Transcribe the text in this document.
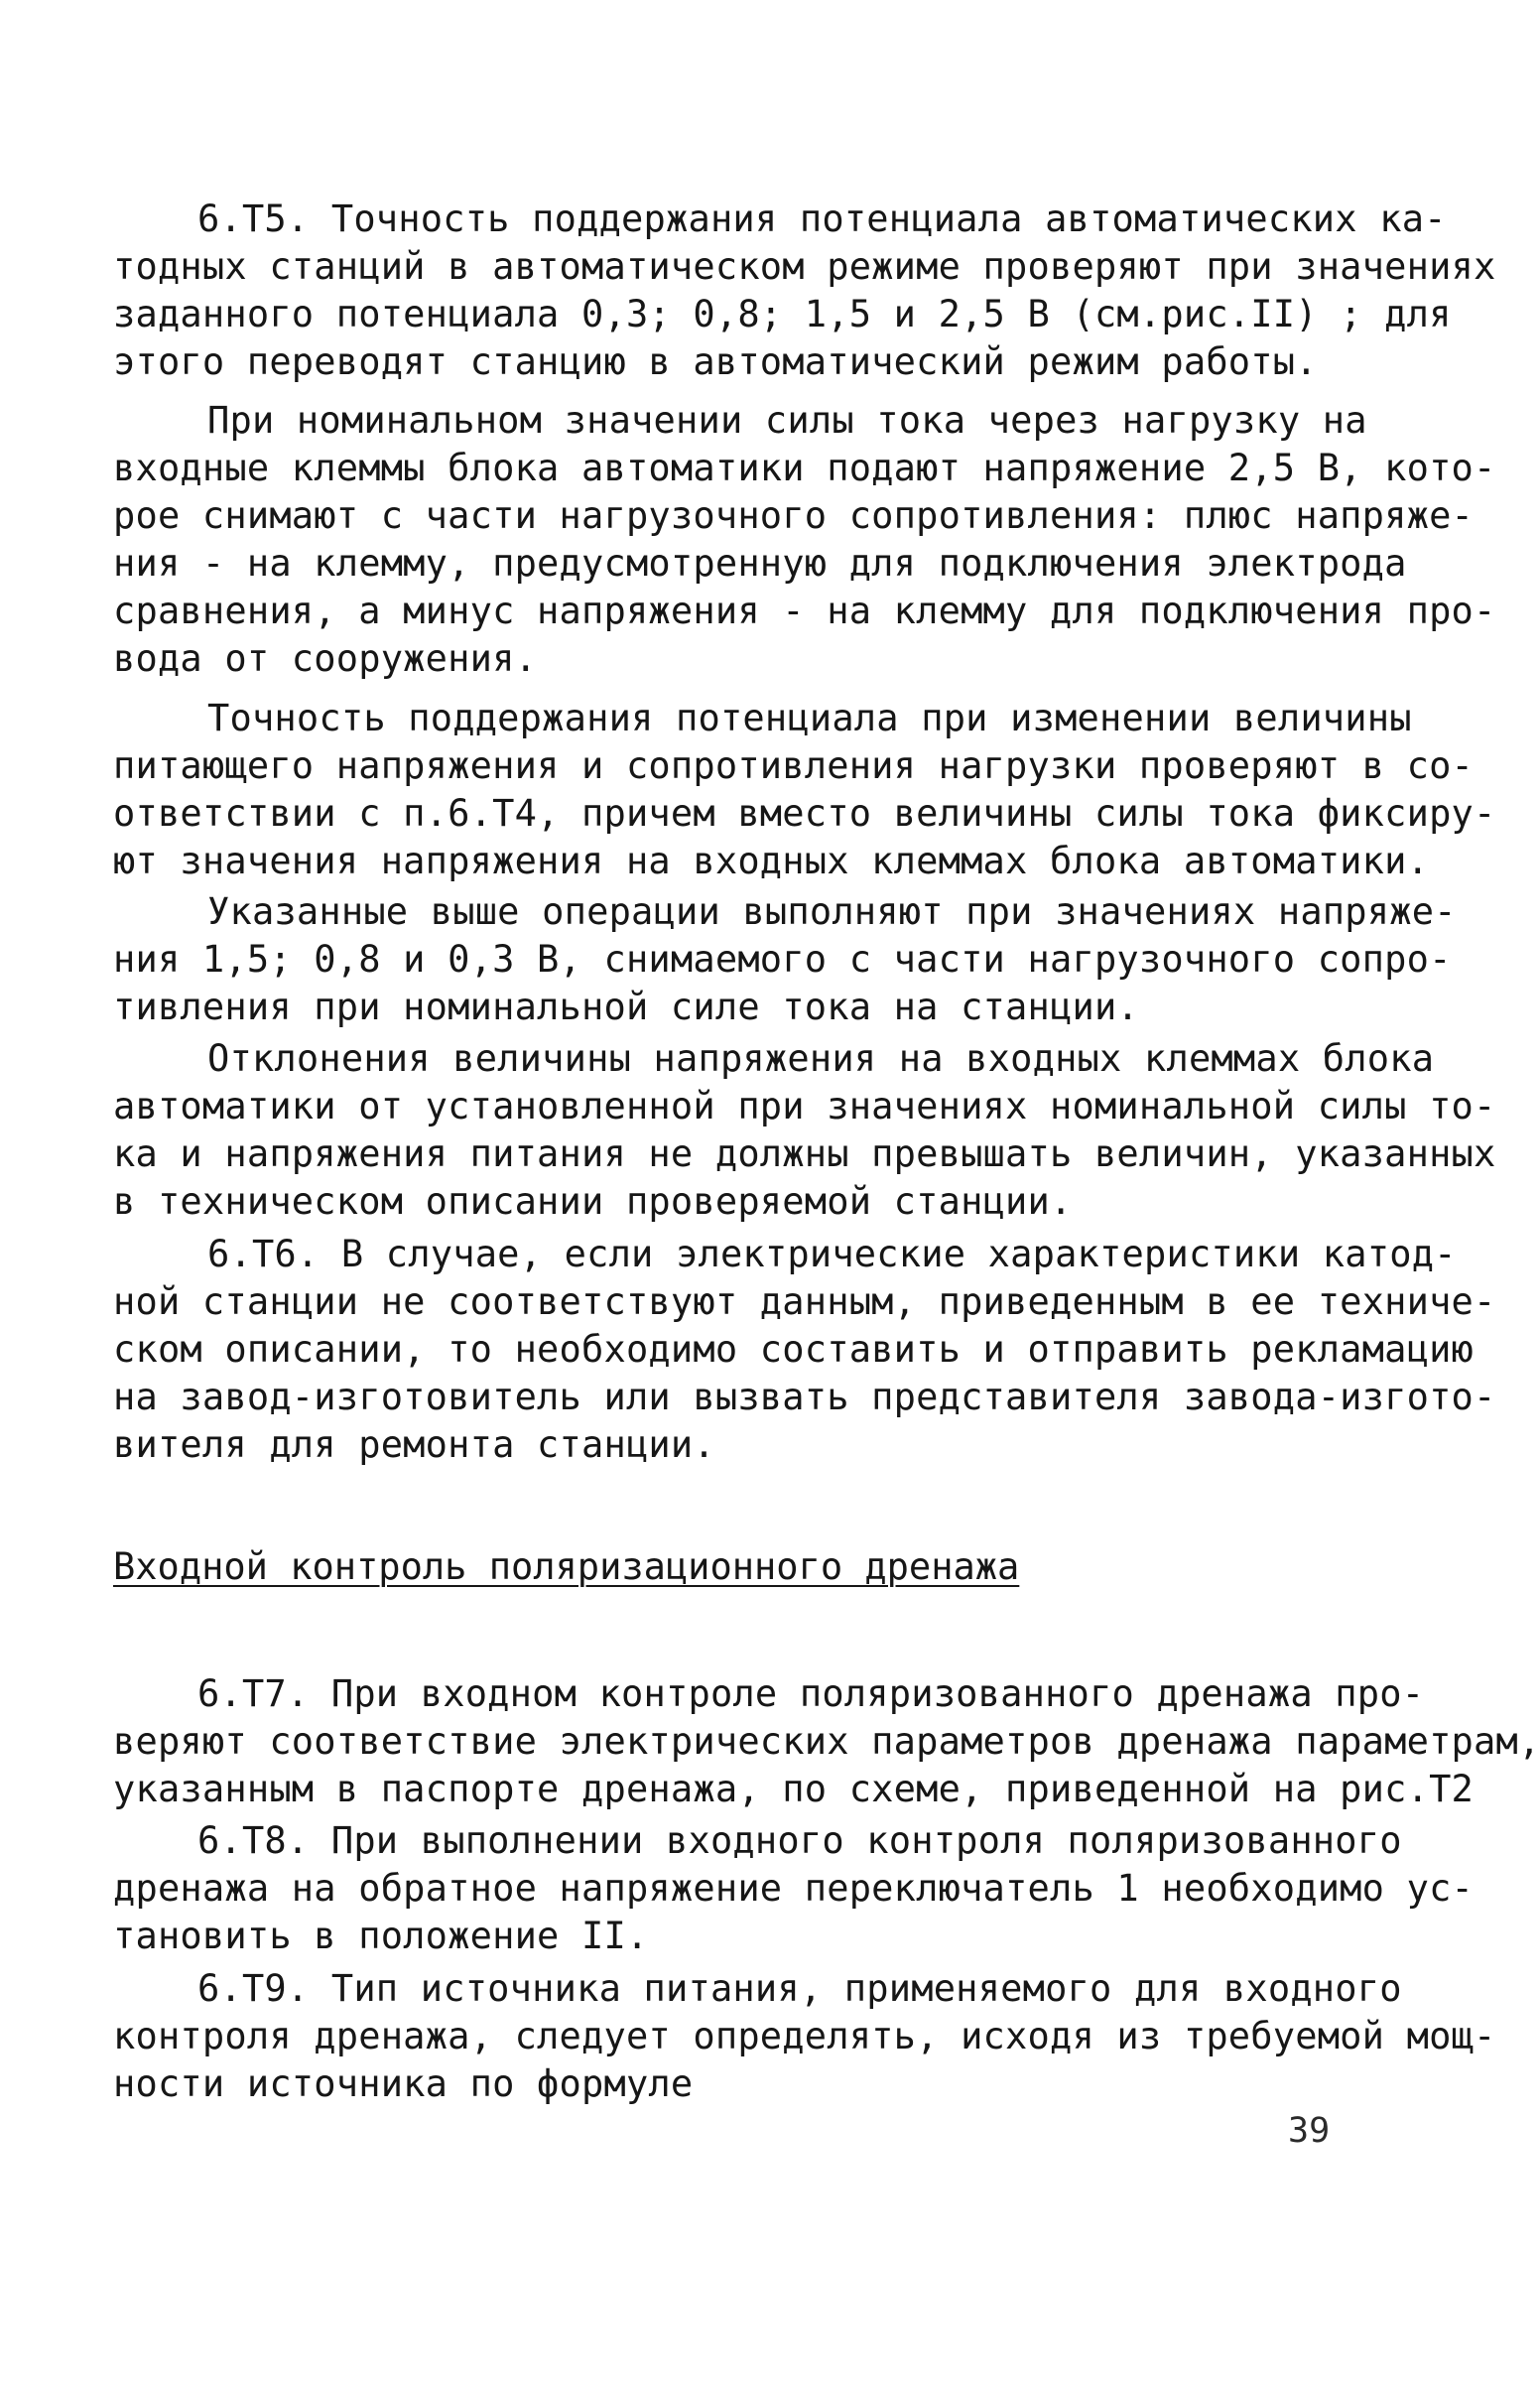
6.Т5. Точность поддержания потенциала автоматических ка-
тодных станций в автоматическом режиме проверяют при значениях
заданного потенциала 0,3; 0,8; 1,5 и 2,5 В (см.рис.II) ; для
этого переводят станцию в автоматический режим работы.
При номинальном значении силы тока через нагрузку на
входные клеммы блока автоматики подают напряжение 2,5 В, кото-
рое снимают с части нагрузочного сопротивления: плюс напряже-
ния - на клемму, предусмотренную для подключения электрода
сравнения, а минус напряжения - на клемму для подключения про-
вода от сооружения.
Точность поддержания потенциала при изменении величины
питающего напряжения и сопротивления нагрузки проверяют в со-
ответствии с п.6.Т4, причем вместо величины силы тока фиксиру-
ют значения напряжения на входных клеммах блока автоматики.
Указанные выше операции выполняют при значениях напряже-
ния 1,5; 0,8 и 0,3 В, снимаемого с части нагрузочного сопро-
тивления при номинальной силе тока на станции.
Отклонения величины напряжения на входных клеммах блока
автоматики от установленной при значениях номинальной силы то-
ка и напряжения питания не должны превышать величин, указанных
в техническом описании проверяемой станции.
6.Т6. В случае, если электрические характеристики катод-
ной станции не соответствуют данным, приведенным в ее техниче-
ском описании, то необходимо составить и отправить рекламацию
на завод-изготовитель или вызвать представителя завода-изгото-
вителя для ремонта станции.
Входной контроль поляризационного дренажа
6.Т7. При входном контроле поляризованного дренажа про-
веряют соответствие электрических параметров дренажа параметрам,
указанным в паспорте дренажа, по схеме, приведенной на рис.Т2
6.Т8. При выполнении входного контроля поляризованного
дренажа на обратное напряжение переключатель 1 необходимо ус-
тановить в положение II.
6.Т9. Тип источника питания, применяемого для входного
контроля дренажа, следует определять, исходя из требуемой мощ-
ности источника по формуле
39
